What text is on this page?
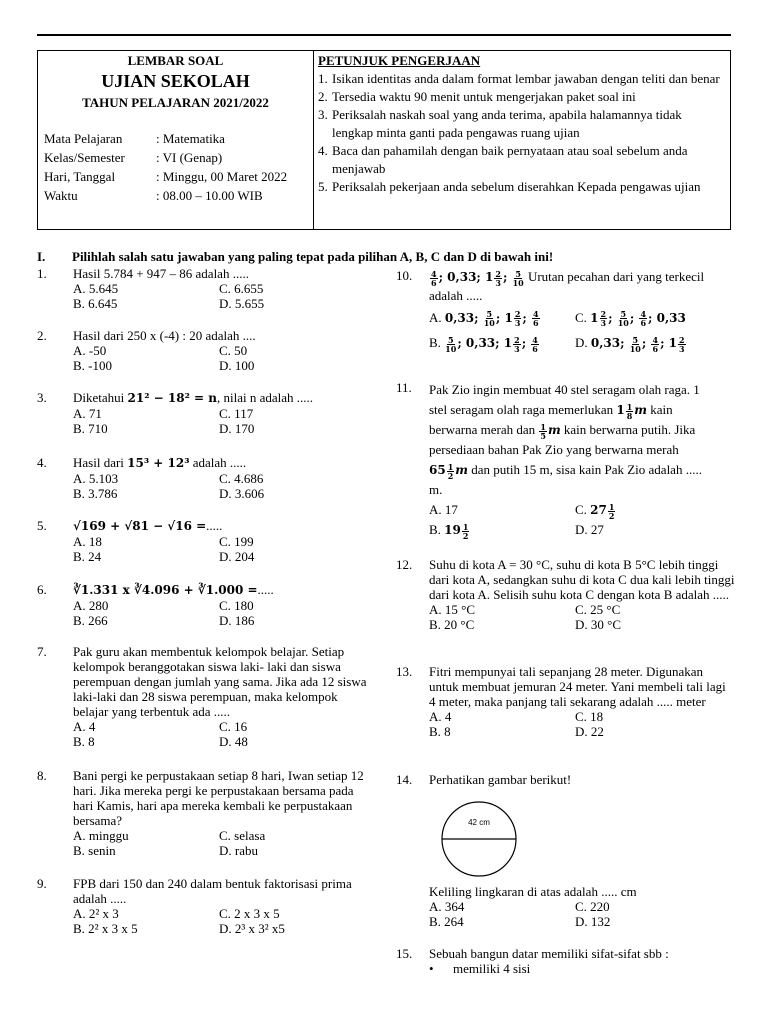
LEMBAR SOAL
UJIAN SEKOLAH
TAHUN PELAJARAN 2021/2022
Mata Pelajaran	: Matematika
Kelas/Semester	: VI (Genap)
Hari, Tanggal	: Minggu, 00 Maret 2022
Waktu	: 08.00 – 10.00 WIB
PETUNJUK PENGERJAAN
1. Isikan identitas anda dalam format lembar jawaban dengan teliti dan benar
2. Tersedia waktu 90 menit untuk mengerjakan paket soal ini
3. Periksalah naskah soal yang anda terima, apabila halamannya tidak lengkap minta ganti pada pengawas ruang ujian
4. Baca dan pahamilah dengan baik pernyataan atau soal sebelum anda menjawab
5. Periksalah pekerjaan anda sebelum diserahkan Kepada pengawas ujian
I.	Pilihlah salah satu jawaban yang paling tepat pada pilihan A, B, C dan D di bawah ini!
1. Hasil 5.784 + 947 – 86 adalah .....
A. 5.645	C. 6.655
B. 6.645	D. 5.655
2. Hasil dari 250 x (-4) : 20 adalah ....
A. -50	C. 50
B. -100	D. 100
3. Diketahui 21² − 18² = n, nilai n adalah .....
A. 71	C. 117
B. 710	D. 170
4. Hasil dari 15³ + 12³ adalah .....
A. 5.103	C. 4.686
B. 3.786	D. 3.606
5. √169 + √81 − √16 =.....
A. 18	C. 199
B. 24	D. 204
6. ∛1.331 x ∛4.096 + ∛1.000 =.....
A. 280	C. 180
B. 266	D. 186
7. Pak guru akan membentuk kelompok belajar. Setiap kelompok beranggotakan siswa laki- laki dan siswa perempuan dengan jumlah yang sama. Jika ada 12 siswa laki-laki dan 28 siswa perempuan, maka kelompok belajar yang terbentuk ada .....
A. 4	C. 16
B. 8	D. 48
8. Bani pergi ke perpustakaan setiap 8 hari, Iwan setiap 12 hari. Jika mereka pergi ke perpustakaan bersama pada hari Kamis, hari apa mereka kembali ke perpustakaan bersama?
A. minggu	C. selasa
B. senin	D. rabu
9. FPB dari 150 dan 240 dalam bentuk faktorisasi prima adalah .....
A. 2² x 3	C. 2 x 3 x 5
B. 2² x 3 x 5	D. 2³ x 3² x5
10. $\frac{4}{6}$ ; 0,33; $1 \frac{2}{3}$ ; $\frac{5}{10}$ Urutan pecahan dari yang terkecil adalah .....
A. 0,33; $\frac{5}{10}$ ; $1 \frac{2}{3}$ ; $\frac{4}{6}$	C. $1 \frac{2}{3}$ ; $\frac{5}{10}$ ; $\frac{4}{6}$ ; 0,33
B. $\frac{5}{10}$ ; 0,33; $1 \frac{2}{3}$ ; $\frac{4}{6}$	D. 0,33; $\frac{5}{10}$ ; $\frac{4}{6}$ ; $1 \frac{2}{3}$
11. Pak Zio ingin membuat 40 stel seragam olah raga. 1
stel seragam olah raga memerlukan $1 \frac{1}{8}$ m kain
berwarna merah dan $\frac{1}{5}$ m kain berwarna putih. Jika
persediaan bahan Pak Zio yang berwarna merah
$65 \frac{1}{2}$ m dan putih 15 m, sisa kain Pak Zio adalah .....
m.
A. 17	C. $27 \frac{1}{2}$
B. $19 \frac{1}{2}$	D. 27
12. Suhu di kota A = 30 °C, suhu di kota B 5°C lebih tinggi dari kota A, sedangkan suhu di kota C dua kali lebih tinggi dari kota A. Selisih suhu kota C dengan kota B adalah .....
A. 15 °C	C. 25 °C
B. 20 °C	D. 30 °C
13. Fitri mempunyai tali sepanjang 28 meter. Digunakan untuk membuat jemuran 24 meter. Yani membeli tali lagi 4 meter, maka panjang tali sekarang adalah ..... meter
A. 4	C. 18
B. 8	D. 22
14. Perhatikan gambar berikut!
42 cm
Keliling lingkaran di atas adalah ..... cm
A. 364	C. 220
B. 264	D. 132
15. Sebuah bangun datar memiliki sifat-sifat sbb :
•	memiliki 4 sisi
